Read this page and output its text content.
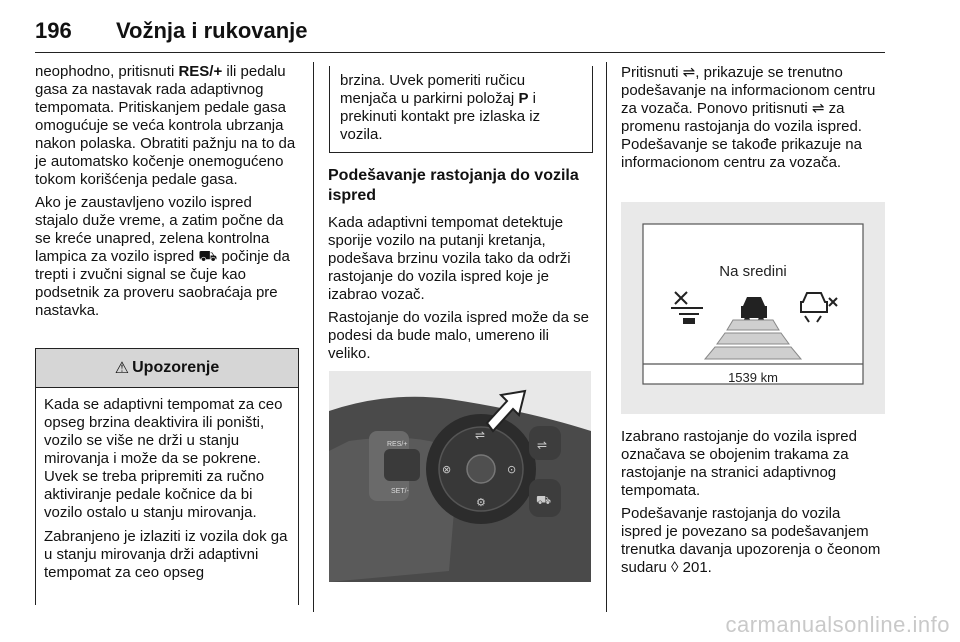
196 Vožnja i rukovanje

neophodno, pritisnuti RES/+ ili pedalu gasa za nastavak rada adaptivnog tempomata. Pritiskanjem pedale gasa omogućuje se veća kontrola ubrzanja nakon polaska. Obratiti pažnju na to da je automatsko kočenje onemogućeno tokom korišćenja pedale gasa.

Ako je zaustavljeno vozilo ispred stajalo duže vreme, a zatim počne da se kreće unapred, zelena kontrolna lampica za vozilo ispred ⛟ počinje da trepti i zvučni signal se čuje kao podsetnik za proveru saobraćaja pre nastavka.

⚠ Upozorenje

Kada se adaptivni tempomat za ceo opseg brzina deaktivira ili poništi, vozilo se više ne drži u stanju mirovanja i može da se pokrene. Uvek se treba pripremiti za ručno aktiviranje pedale kočnice da bi vozilo ostalo u stanju mirovanja.

Zabranjeno je izlaziti iz vozila dok ga u stanju mirovanja drži adaptivni tempomat za ceo opseg

brzina. Uvek pomeriti ručicu menjača u parkirni položaj P i prekinuti kontakt pre izlaska iz vozila.
Podešavanje rastojanja do vozila ispred

Kada adaptivni tempomat detektuje sporije vozilo na putanji kretanja, podešava brzinu vozila tako da održi rastojanje do vozila ispred koje je izabrao vozač.

Rastojanje do vozila ispred može da se podesi da bude malo, umereno ili veliko.

RES/+
SET/-
⇌
⊗	⊙
⚙
⇌
⛟

Pritisnuti ⇌, prikazuje se trenutno podešavanje na informacionom centru za vozača. Ponovo pritisnuti ⇌ za promenu rastojanja do vozila ispred. Podešavanje se takođe prikazuje na informacionom centru za vozača.

Na sredini
1539 km

Izabrano rastojanje do vozila ispred označava se obojenim trakama za rastojanje na stranici adaptivnog tempomata.

Podešavanje rastojanja do vozila ispred je povezano sa podešavanjem trenutka davanja upozorenja o čeonom sudaru ◊ 201.

carmanualsonline.info
